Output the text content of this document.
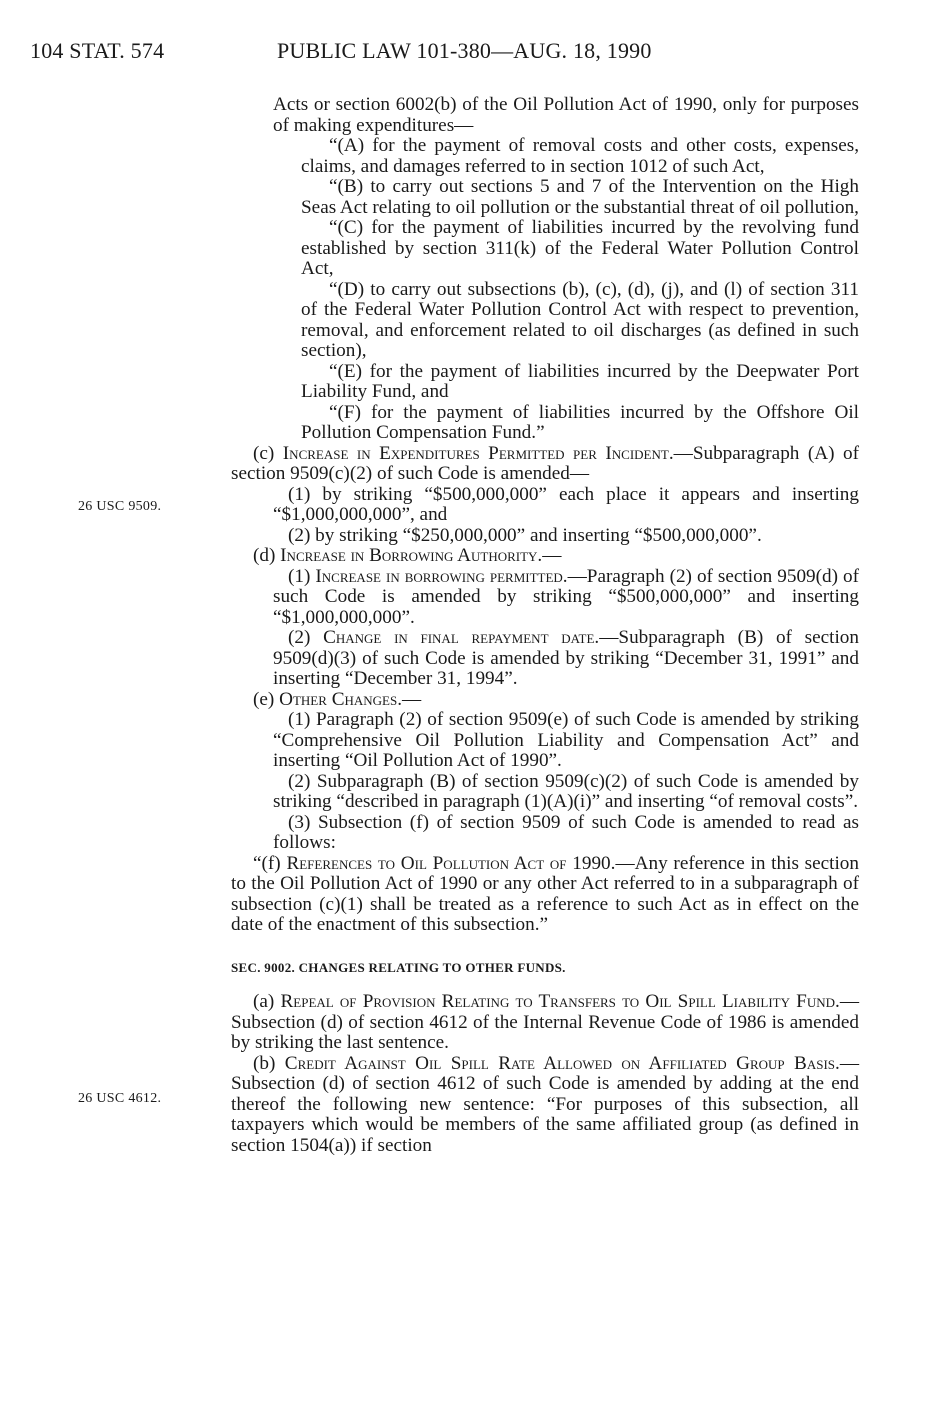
104 STAT. 574	PUBLIC LAW 101-380—AUG. 18, 1990
26 USC 9509.
26 USC 4612.

Acts or section 6002(b) of the Oil Pollution Act of 1990, only for purposes of making expenditures—

“(A) for the payment of removal costs and other costs, expenses, claims, and damages referred to in section 1012 of such Act,

“(B) to carry out sections 5 and 7 of the Intervention on the High Seas Act relating to oil pollution or the substantial threat of oil pollution,

“(C) for the payment of liabilities incurred by the revolving fund established by section 311(k) of the Federal Water Pollution Control Act,

“(D) to carry out subsections (b), (c), (d), (j), and (l) of section 311 of the Federal Water Pollution Control Act with respect to prevention, removal, and enforcement related to oil discharges (as defined in such section),

“(E) for the payment of liabilities incurred by the Deepwater Port Liability Fund, and

“(F) for the payment of liabilities incurred by the Offshore Oil Pollution Compensation Fund.”

(c) Increase in Expenditures Permitted per Incident.—Subparagraph (A) of section 9509(c)(2) of such Code is amended—

(1) by striking “$500,000,000” each place it appears and inserting “$1,000,000,000”, and

(2) by striking “$250,000,000” and inserting “$500,000,000”.

(d) Increase in Borrowing Authority.—

(1) Increase in borrowing permitted.—Paragraph (2) of section 9509(d) of such Code is amended by striking “$500,000,000” and inserting “$1,000,000,000”.

(2) Change in final repayment date.—Subparagraph (B) of section 9509(d)(3) of such Code is amended by striking “December 31, 1991” and inserting “December 31, 1994”.

(e) Other Changes.—

(1) Paragraph (2) of section 9509(e) of such Code is amended by striking “Comprehensive Oil Pollution Liability and Compensation Act” and inserting “Oil Pollution Act of 1990”.

(2) Subparagraph (B) of section 9509(c)(2) of such Code is amended by striking “described in paragraph (1)(A)(i)” and inserting “of removal costs”.

(3) Subsection (f) of section 9509 of such Code is amended to read as follows:

“(f) References to Oil Pollution Act of 1990.—Any reference in this section to the Oil Pollution Act of 1990 or any other Act referred to in a subparagraph of subsection (c)(1) shall be treated as a reference to such Act as in effect on the date of the enactment of this subsection.”

SEC. 9002. CHANGES RELATING TO OTHER FUNDS.

(a) Repeal of Provision Relating to Transfers to Oil Spill Liability Fund.—Subsection (d) of section 4612 of the Internal Revenue Code of 1986 is amended by striking the last sentence.

(b) Credit Against Oil Spill Rate Allowed on Affiliated Group Basis.—Subsection (d) of section 4612 of such Code is amended by adding at the end thereof the following new sentence: “For purposes of this subsection, all taxpayers which would be members of the same affiliated group (as defined in section 1504(a)) if section
